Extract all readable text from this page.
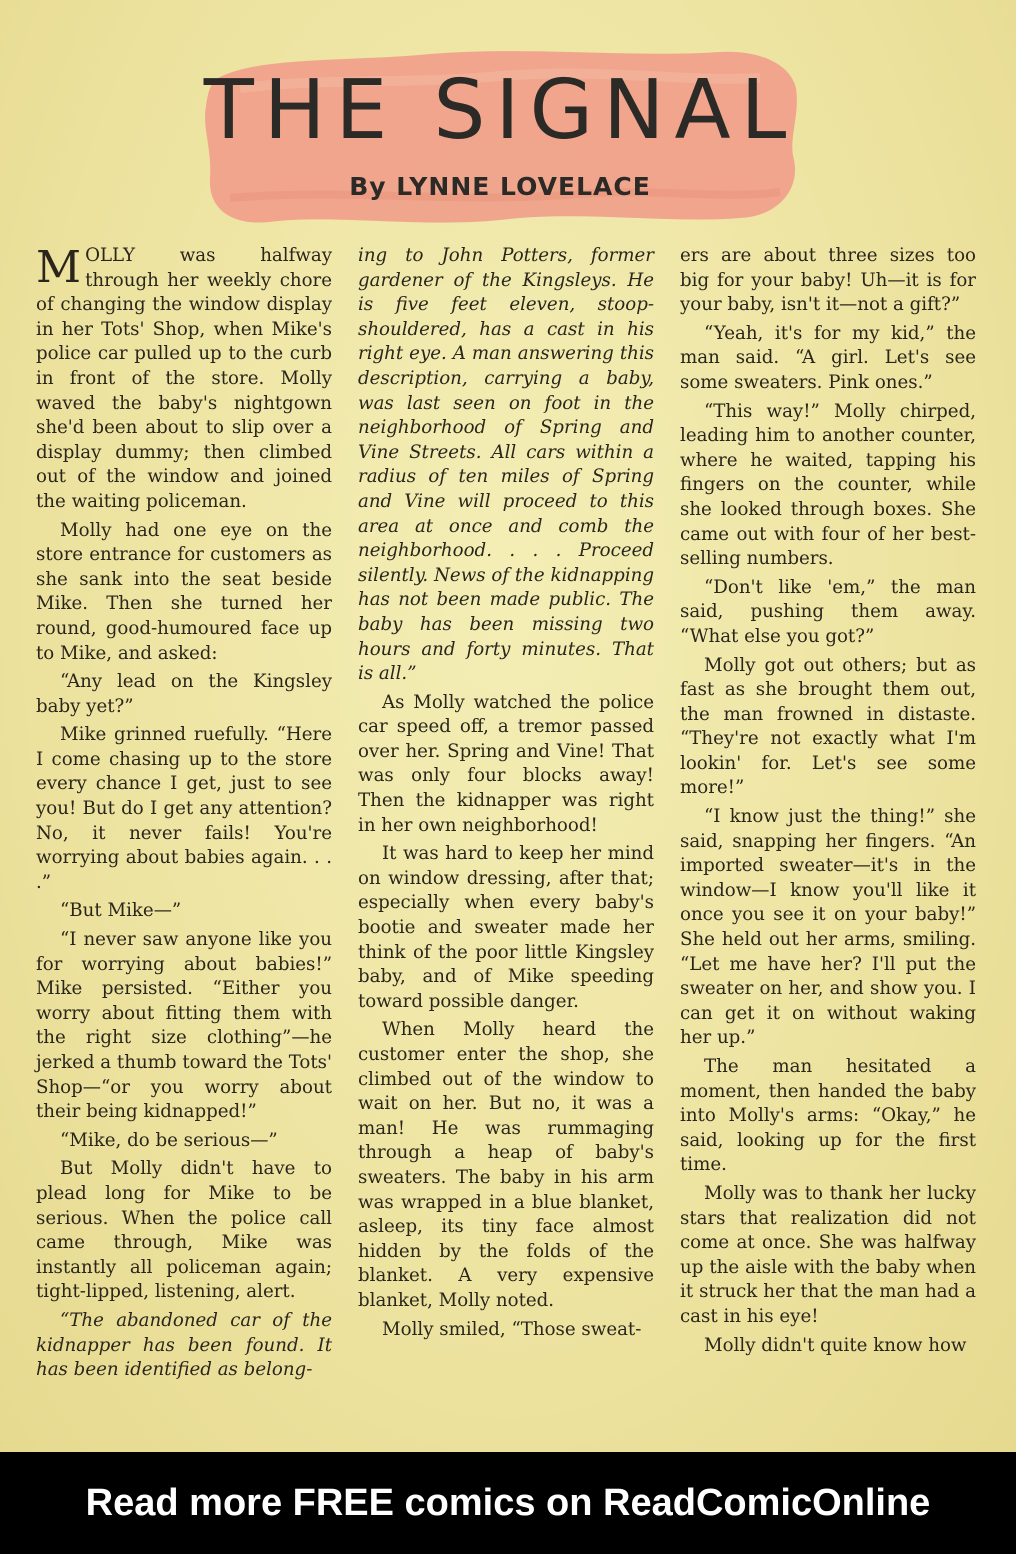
THE SIGNAL
By LYNNE LOVELACE

MOLLY was halfway through her weekly chore of changing the window display in her Tots' Shop, when Mike's police car pulled up to the curb in front of the store. Molly waved the baby's nightgown she'd been about to slip over a display dummy; then climbed out of the window and joined the waiting policeman.

Molly had one eye on the store entrance for customers as she sank into the seat beside Mike. Then she turned her round, good-humoured face up to Mike, and asked:

“Any lead on the Kingsley baby yet?”

Mike grinned ruefully. “Here I come chasing up to the store every chance I get, just to see you! But do I get any attention? No, it never fails! You're worrying about babies again. . . .”

“But Mike—”

“I never saw anyone like you for worrying about babies!” Mike persisted. “Either you worry about fitting them with the right size clothing”—he jerked a thumb toward the Tots' Shop—“or you worry about their being kidnapped!”

“Mike, do be serious—”

But Molly didn't have to plead long for Mike to be serious. When the police call came through, Mike was instantly all policeman again; tight-lipped, listening, alert.

“The abandoned car of the kidnapper has been found. It has been identified as belong-

ing to John Potters, former gardener of the Kingsleys. He is five feet eleven, stoop-shouldered, has a cast in his right eye. A man answering this description, carrying a baby, was last seen on foot in the neighborhood of Spring and Vine Streets. All cars within a radius of ten miles of Spring and Vine will proceed to this area at once and comb the neighborhood. . . . Proceed silently. News of the kidnapping has not been made public. The baby has been missing two hours and forty minutes. That is all.”

As Molly watched the police car speed off, a tremor passed over her. Spring and Vine! That was only four blocks away! Then the kidnapper was right in her own neighborhood!

It was hard to keep her mind on window dressing, after that; especially when every baby's bootie and sweater made her think of the poor little Kingsley baby, and of Mike speeding toward possible danger.

When Molly heard the customer enter the shop, she climbed out of the window to wait on her. But no, it was a man! He was rummaging through a heap of baby's sweaters. The baby in his arm was wrapped in a blue blanket, asleep, its tiny face almost hidden by the folds of the blanket. A very expensive blanket, Molly noted.

Molly smiled, “Those sweat-

ers are about three sizes too big for your baby! Uh—it is for your baby, isn't it—not a gift?”

“Yeah, it's for my kid,” the man said. “A girl. Let's see some sweaters. Pink ones.”

“This way!” Molly chirped, leading him to another counter, where he waited, tapping his fingers on the counter, while she looked through boxes. She came out with four of her best-selling numbers.

“Don't like 'em,” the man said, pushing them away. “What else you got?”

Molly got out others; but as fast as she brought them out, the man frowned in distaste. “They're not exactly what I'm lookin' for. Let's see some more!”

“I know just the thing!” she said, snapping her fingers. “An imported sweater—it's in the window—I know you'll like it once you see it on your baby!” She held out her arms, smiling. “Let me have her? I'll put the sweater on her, and show you. I can get it on without waking her up.”

The man hesitated a moment, then handed the baby into Molly's arms: “Okay,” he said, looking up for the first time.

Molly was to thank her lucky stars that realization did not come at once. She was halfway up the aisle with the baby when it struck her that the man had a cast in his eye!

Molly didn't quite know how

Read more FREE comics on ReadComicOnline
